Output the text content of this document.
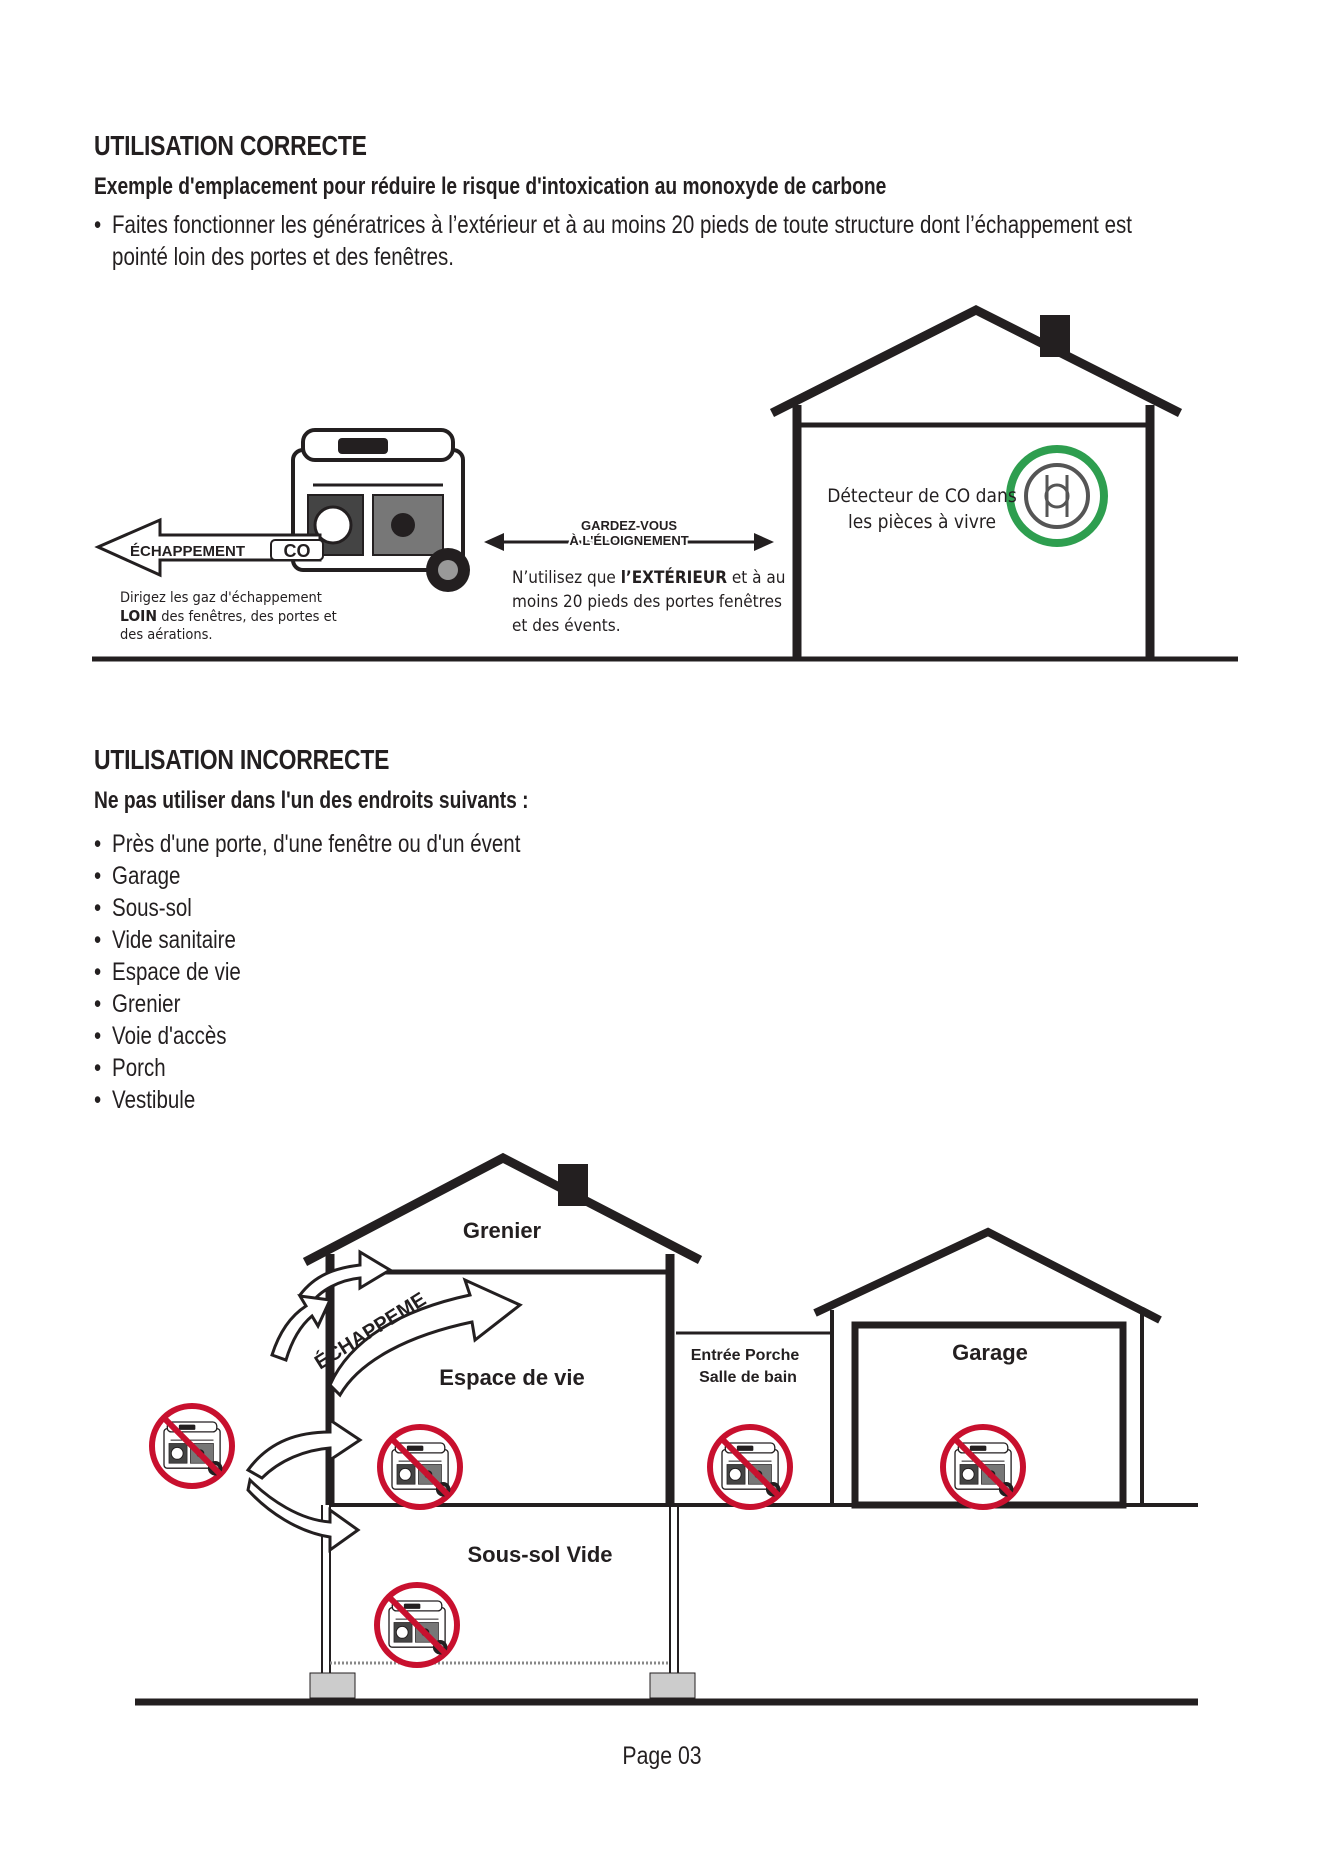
UTILISATION CORRECTE
Exemple d'emplacement pour réduire le risque d'intoxication au monoxyde de carbone
• Faites fonctionner les génératrices à l’extérieur et à au moins 20 pieds de toute structure dont l’échappement est
pointé loin des portes et des fenêtres.
Détecteur de CO dans
les pièces à vivre
ÉCHAPPEMENT CO
Dirigez les gaz d'échappement
LOIN des fenêtres, des portes et
des aérations.
GARDEZ-VOUS
À L'ÉLOIGNEMENT
N’utilisez que l’EXTÉRIEUR et à au
moins 20 pieds des portes fenêtres
et des évents.
UTILISATION INCORRECTE
Ne pas utiliser dans l'un des endroits suivants :
• Près d'une porte, d'une fenêtre ou d'un évent
• Garage
• Sous-sol
• Vide sanitaire
• Espace de vie
• Grenier
• Voie d'accès
• Porch
• Vestibule
ÉCHAPPEME
Grenier
Espace de vie
Sous-sol Vide
Entrée Porche
Salle de bain
Garage
Page 03
